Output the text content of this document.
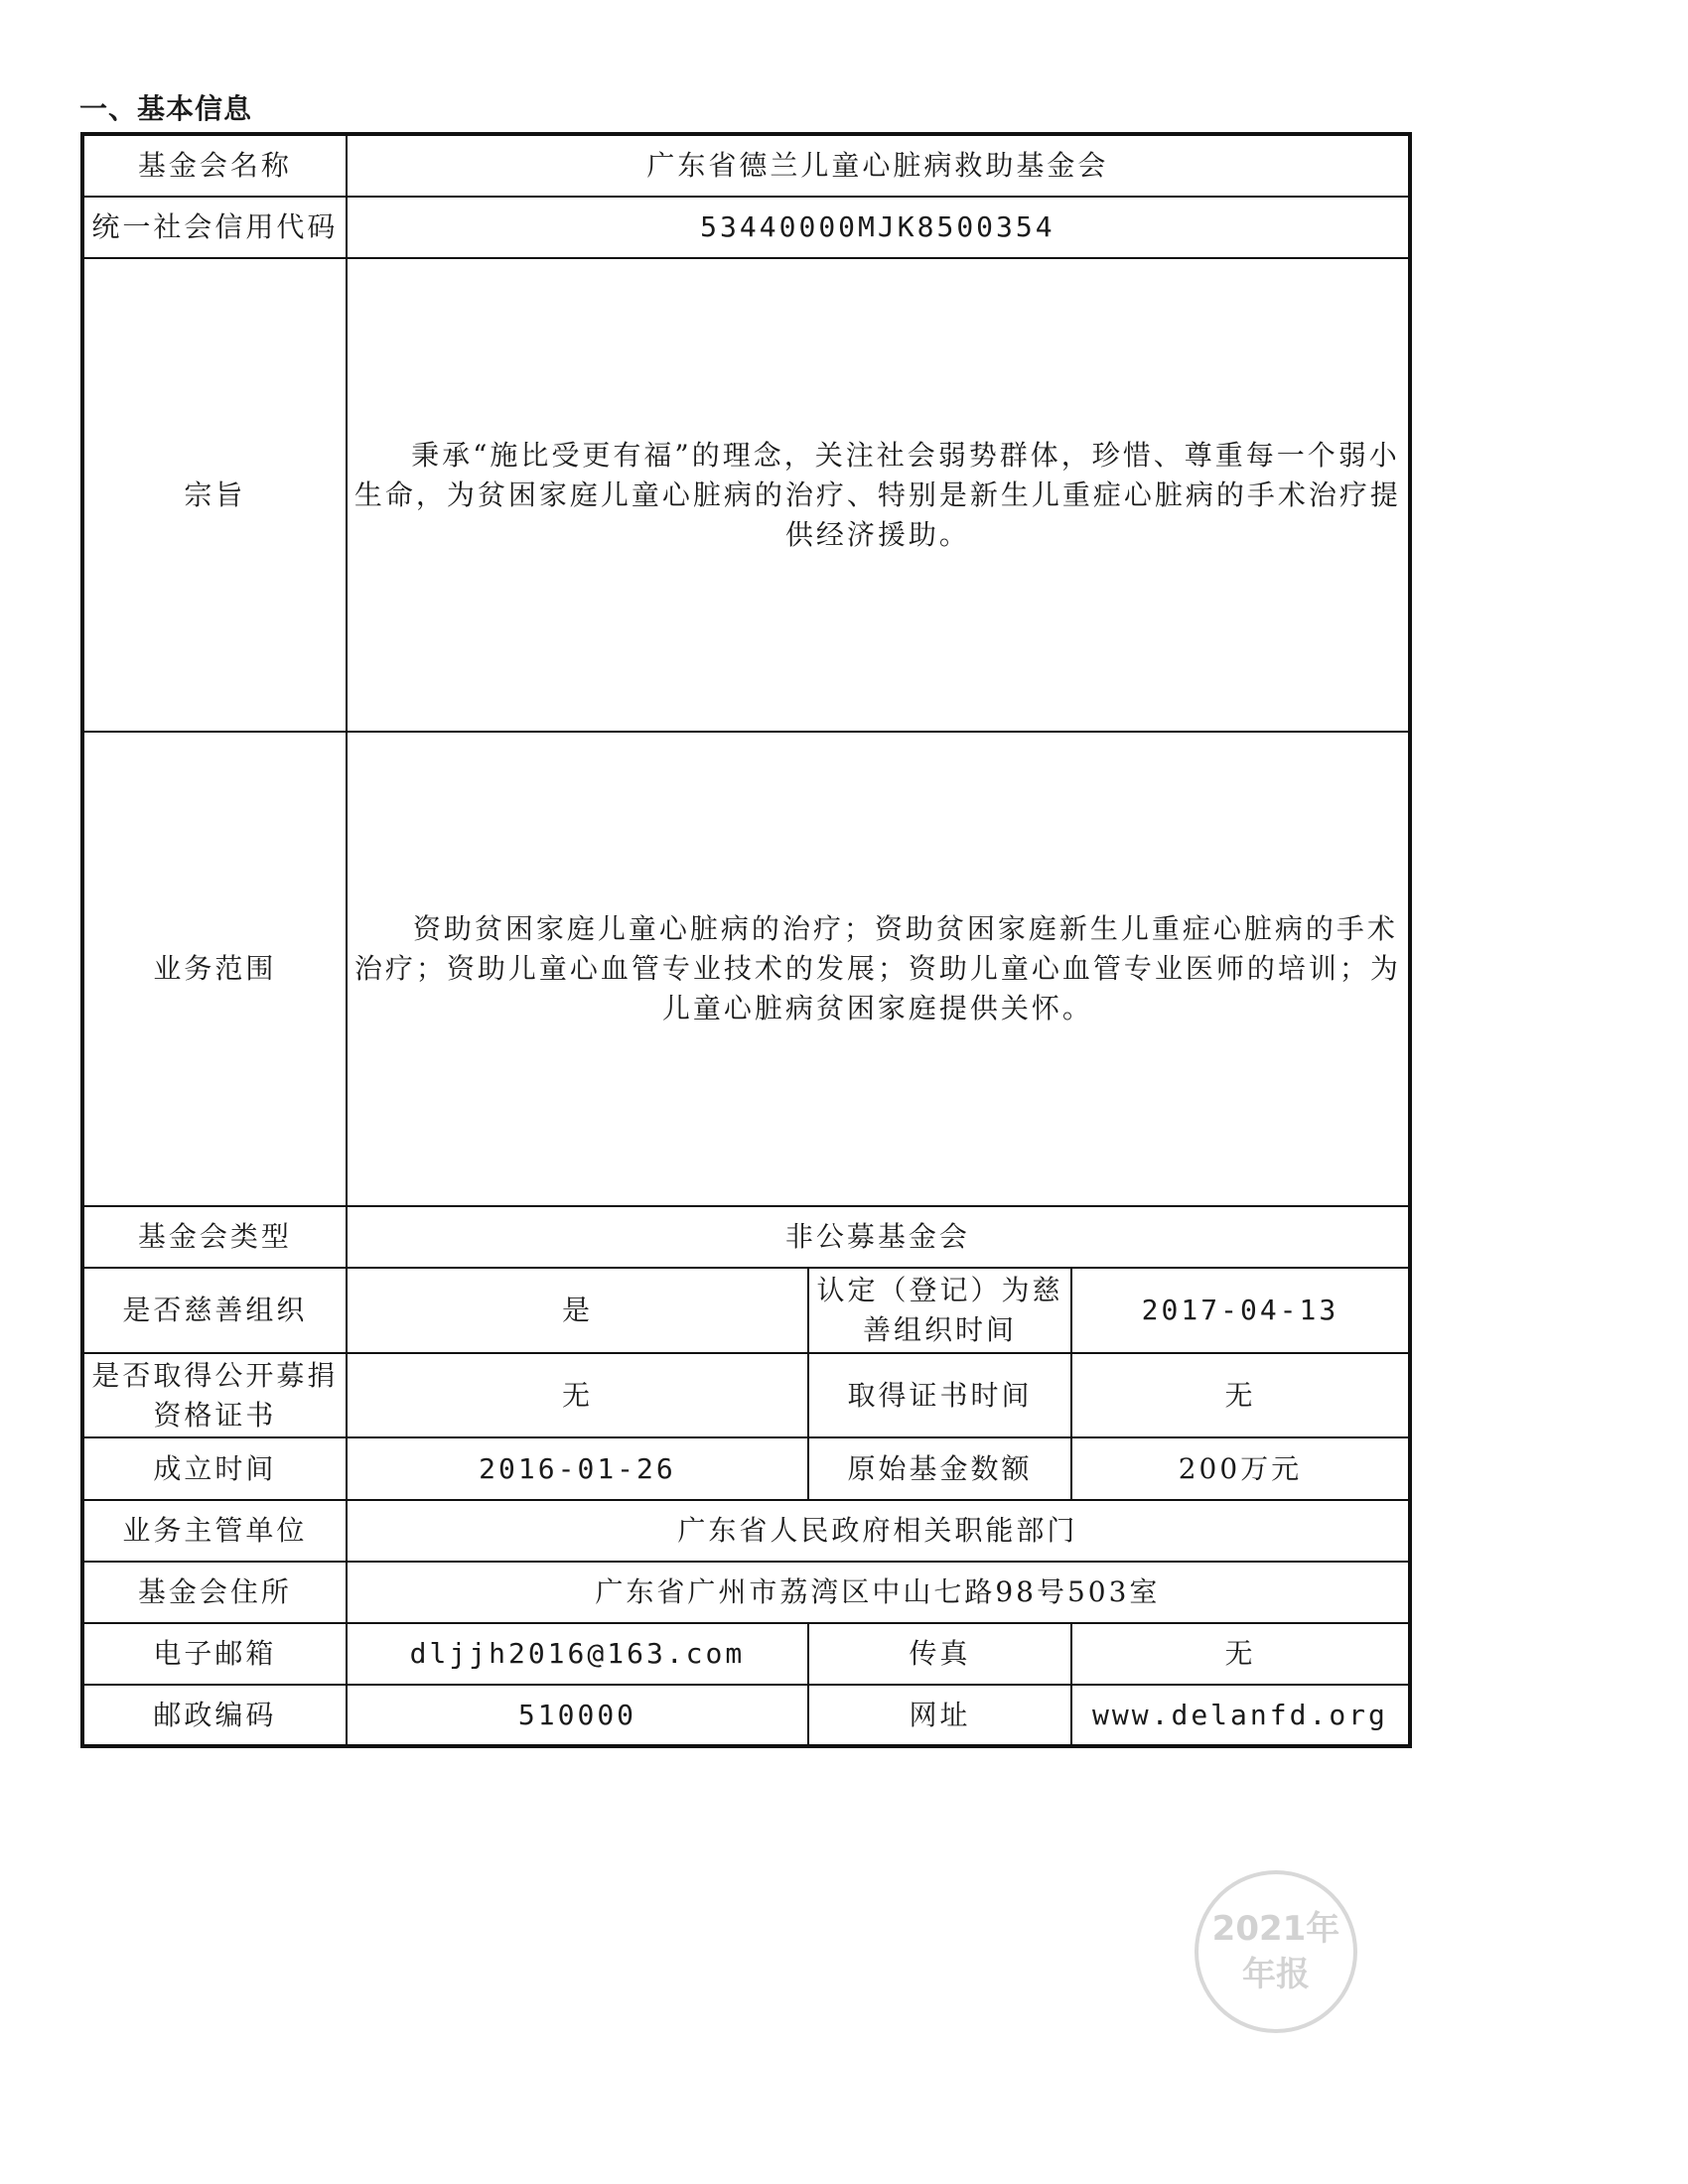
一、基本信息
基金会名称	广东省德兰儿童心脏病救助基金会		
统一社会信用代码	53440000MJK8500354		
宗旨	秉承“施比受更有福”的理念，关注社会弱势群体，珍惜、尊重每一个弱小生命，为贫困家庭儿童心脏病的治疗、特别是新生儿重症心脏病的手术治疗提供经济援助。		
业务范围	资助贫困家庭儿童心脏病的治疗；资助贫困家庭新生儿重症心脏病的手术治疗；资助儿童心血管专业技术的发展；资助儿童心血管专业医师的培训；为儿童心脏病贫困家庭提供关怀。		
基金会类型	非公募基金会		
是否慈善组织	是	认定（登记）为慈善组织时间	2017-04-13
是否取得公开募捐资格证书	无	取得证书时间	无
成立时间	2016-01-26	原始基金数额	200万元
业务主管单位	广东省人民政府相关职能部门		
基金会住所	广东省广州市荔湾区中山七路98号503室		
电子邮箱	dljjh2016@163.com	传真	无
邮政编码	510000	网址	www.delanfd.org
2021年
年报
